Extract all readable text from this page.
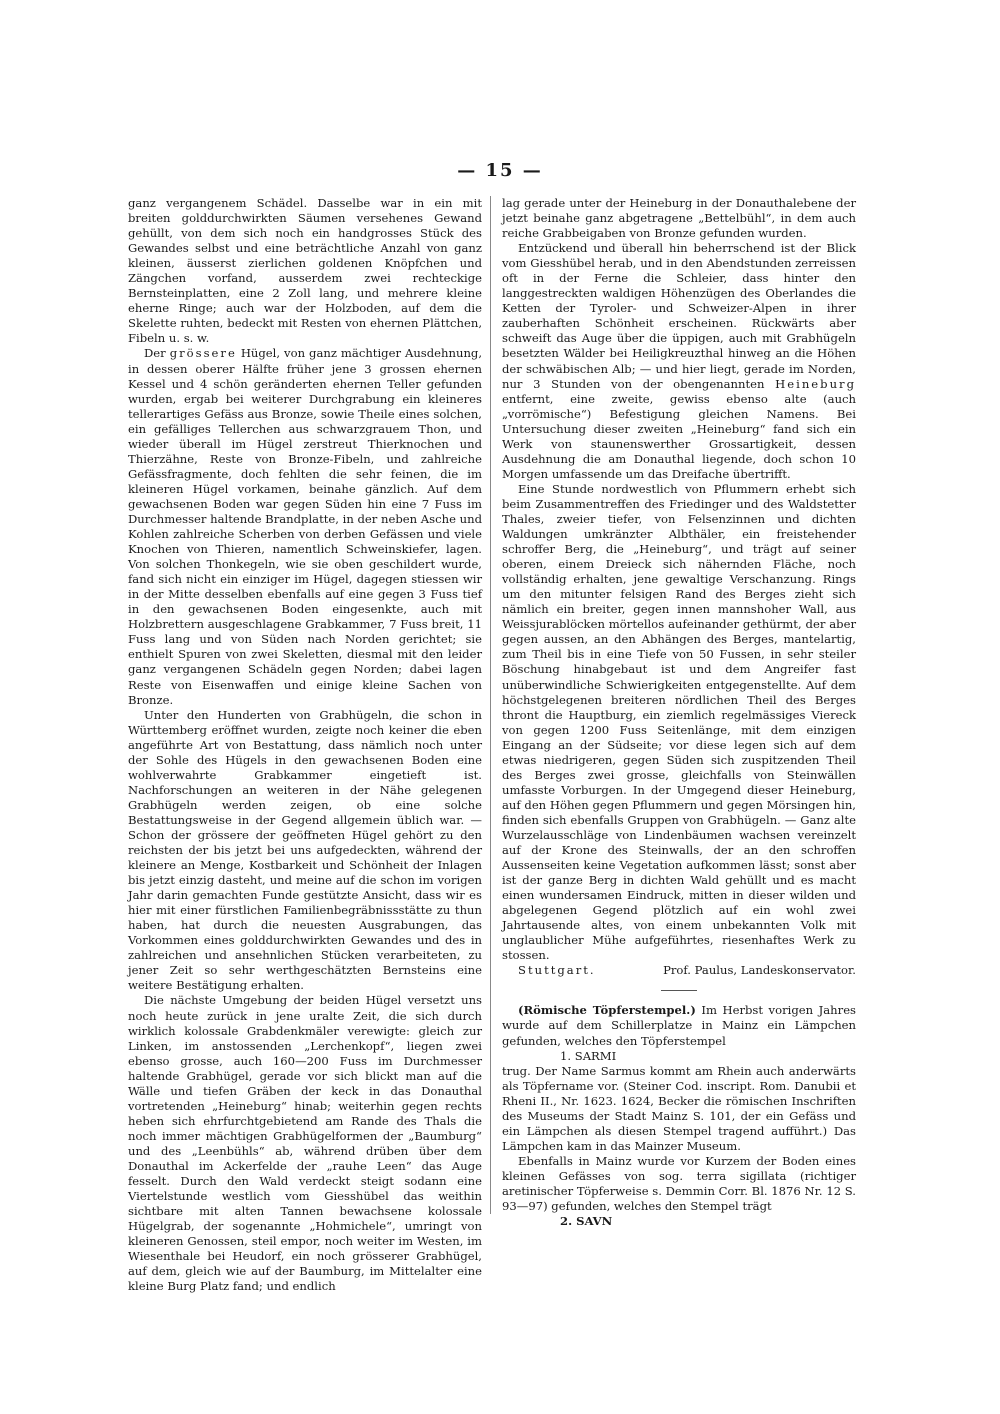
— 15 —

ganz vergangenem Schädel. Dasselbe war in ein mit breiten golddurchwirkten Säumen versehenes Gewand gehüllt, von dem sich noch ein handgrosses Stück des Gewandes selbst und eine beträchtliche Anzahl von ganz kleinen, äusserst zierlichen goldenen Knöpfchen und Zängchen vorfand, ausserdem zwei rechteckige Bernsteinplatten, eine 2 Zoll lang, und mehrere kleine eherne Ringe; auch war der Holzboden, auf dem die Skelette ruhten, bedeckt mit Resten von ehernen Plättchen, Fibeln u. s. w.

Der grössere Hügel, von ganz mächtiger Ausdehnung, in dessen oberer Hälfte früher jene 3 grossen ehernen Kessel und 4 schön geränderten ehernen Teller gefunden wurden, ergab bei weiterer Durchgrabung ein kleineres tellerartiges Gefäss aus Bronze, sowie Theile eines solchen, ein gefälliges Tellerchen aus schwarzgrauem Thon, und wieder überall im Hügel zerstreut Thierknochen und Thierzähne, Reste von Bronze-Fibeln, und zahlreiche Gefässfragmente, doch fehlten die sehr feinen, die im kleineren Hügel vorkamen, beinahe gänzlich. Auf dem gewachsenen Boden war gegen Süden hin eine 7 Fuss im Durchmesser haltende Brandplatte, in der neben Asche und Kohlen zahlreiche Scherben von derben Gefässen und viele Knochen von Thieren, namentlich Schweinskiefer, lagen. Von solchen Thonkegeln, wie sie oben geschildert wurde, fand sich nicht ein einziger im Hügel, dagegen stiessen wir in der Mitte desselben ebenfalls auf eine gegen 3 Fuss tief in den gewachsenen Boden eingesenkte, auch mit Holzbrettern ausgeschlagene Grabkammer, 7 Fuss breit, 11 Fuss lang und von Süden nach Norden gerichtet; sie enthielt Spuren von zwei Skeletten, diesmal mit den leider ganz vergangenen Schädeln gegen Norden; dabei lagen Reste von Eisenwaffen und einige kleine Sachen von Bronze.

Unter den Hunderten von Grabhügeln, die schon in Württemberg eröffnet wurden, zeigte noch keiner die eben angeführte Art von Bestattung, dass nämlich noch unter der Sohle des Hügels in den gewachsenen Boden eine wohlverwahrte Grabkammer eingetieft ist. Nachforschungen an weiteren in der Nähe gelegenen Grabhügeln werden zeigen, ob eine solche Bestattungsweise in der Gegend allgemein üblich war. — Schon der grössere der geöffneten Hügel gehört zu den reichsten der bis jetzt bei uns aufgedeckten, während der kleinere an Menge, Kostbarkeit und Schönheit der Inlagen bis jetzt einzig dasteht, und meine auf die schon im vorigen Jahr darin gemachten Funde gestützte Ansicht, dass wir es hier mit einer fürstlichen Familienbegräbnissstätte zu thun haben, hat durch die neuesten Ausgrabungen, das Vorkommen eines golddurchwirkten Gewandes und des in zahlreichen und ansehnlichen Stücken verarbeiteten, zu jener Zeit so sehr werthgeschätzten Bernsteins eine weitere Bestätigung erhalten.

Die nächste Umgebung der beiden Hügel versetzt uns noch heute zurück in jene uralte Zeit, die sich durch wirklich kolossale Grabdenkmäler verewigte: gleich zur Linken, im anstossenden „Lerchenkopf“, liegen zwei ebenso grosse, auch 160—200 Fuss im Durchmesser haltende Grabhügel, gerade vor sich blickt man auf die Wälle und tiefen Gräben der keck in das Donauthal vortretenden „Heineburg“ hinab; weiterhin gegen rechts heben sich ehrfurchtgebietend am Rande des Thals die noch immer mächtigen Grabhügelformen der „Baumburg“ und des „Leenbühls“ ab, während drüben über dem Donauthal im Ackerfelde der „rauhe Leen“ das Auge fesselt. Durch den Wald verdeckt steigt sodann eine Viertelstunde westlich vom Giesshübel das weithin sichtbare mit alten Tannen bewachsene kolossale Hügelgrab, der sogenannte „Hohmichele“, umringt von kleineren Genossen, steil empor, noch weiter im Westen, im Wiesenthale bei Heudorf, ein noch grösserer Grabhügel, auf dem, gleich wie auf der Baumburg, im Mittelalter eine kleine Burg Platz fand; und endlich

lag gerade unter der Heineburg in der Donauthalebene der jetzt beinahe ganz abgetragene „Bettelbühl“, in dem auch reiche Grabbeigaben von Bronze gefunden wurden.

Entzückend und überall hin beherrschend ist der Blick vom Giesshübel herab, und in den Abendstunden zerreissen oft in der Ferne die Schleier, dass hinter den langgestreckten waldigen Höhenzügen des Oberlandes die Ketten der Tyroler- und Schweizer-Alpen in ihrer zauberhaften Schönheit erscheinen. Rückwärts aber schweift das Auge über die üppigen, auch mit Grabhügeln besetzten Wälder bei Heiligkreuzthal hinweg an die Höhen der schwäbischen Alb; — und hier liegt, gerade im Norden, nur 3 Stunden von der obengenannten Heineburg entfernt, eine zweite, gewiss ebenso alte (auch „vorrömische“) Befestigung gleichen Namens. Bei Untersuchung dieser zweiten „Heineburg“ fand sich ein Werk von staunenswerther Grossartigkeit, dessen Ausdehnung die am Donauthal liegende, doch schon 10 Morgen umfassende um das Dreifache übertrifft.

Eine Stunde nordwestlich von Pflummern erhebt sich beim Zusammentreffen des Friedinger und des Waldstetter Thales, zweier tiefer, von Felsenzinnen und dichten Waldungen umkränzter Albthäler, ein freistehender schroffer Berg, die „Heineburg“, und trägt auf seiner oberen, einem Dreieck sich nähernden Fläche, noch vollständig erhalten, jene gewaltige Verschanzung. Rings um den mitunter felsigen Rand des Berges zieht sich nämlich ein breiter, gegen innen mannshoher Wall, aus Weissjurablöcken mörtellos aufeinander gethürmt, der aber gegen aussen, an den Abhängen des Berges, mantelartig, zum Theil bis in eine Tiefe von 50 Fussen, in sehr steiler Böschung hinabgebaut ist und dem Angreifer fast unüberwindliche Schwierigkeiten entgegenstellte. Auf dem höchstgelegenen breiteren nördlichen Theil des Berges thront die Hauptburg, ein ziemlich regelmässiges Viereck von gegen 1200 Fuss Seitenlänge, mit dem einzigen Eingang an der Südseite; vor diese legen sich auf dem etwas niedrigeren, gegen Süden sich zuspitzenden Theil des Berges zwei grosse, gleichfalls von Steinwällen umfasste Vorburgen. In der Umgegend dieser Heineburg, auf den Höhen gegen Pflummern und gegen Mörsingen hin, finden sich ebenfalls Gruppen von Grabhügeln. — Ganz alte Wurzelausschläge von Lindenbäumen wachsen vereinzelt auf der Krone des Steinwalls, der an den schroffen Aussenseiten keine Vegetation aufkommen lässt; sonst aber ist der ganze Berg in dichten Wald gehüllt und es macht einen wundersamen Eindruck, mitten in dieser wilden und abgelegenen Gegend plötzlich auf ein wohl zwei Jahrtausende altes, von einem unbekannten Volk mit unglaublicher Mühe aufgeführtes, riesenhaftes Werk zu stossen.

Stuttgart.	Prof. Paulus, Landeskonservator.

(Römische Töpferstempel.) Im Herbst vorigen Jahres wurde auf dem Schillerplatze in Mainz ein Lämpchen gefunden, welches den Töpferstempel

1. SARMI

trug. Der Name Sarmus kommt am Rhein auch anderwärts als Töpfername vor. (Steiner Cod. inscript. Rom. Danubii et Rheni II., Nr. 1623. 1624, Becker die römischen Inschriften des Museums der Stadt Mainz S. 101, der ein Gefäss und ein Lämpchen als diesen Stempel tragend aufführt.) Das Lämpchen kam in das Mainzer Museum.

Ebenfalls in Mainz wurde vor Kurzem der Boden eines kleinen Gefässes von sog. terra sigillata (richtiger aretinischer Töpferweise s. Demmin Corr. Bl. 1876 Nr. 12 S. 93—97) gefunden, welches den Stempel trägt

2. SAVN
